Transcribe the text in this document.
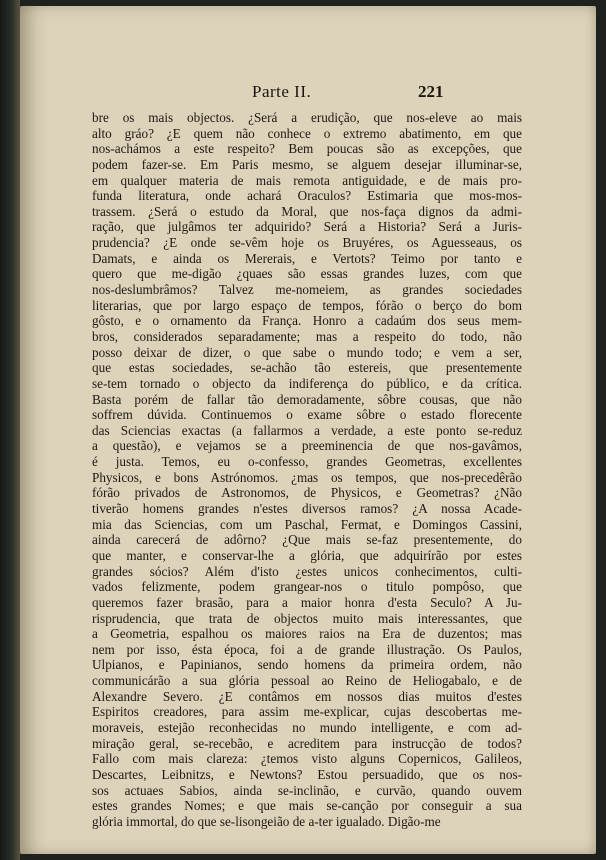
Parte II.	221
bre os mais objectos. ¿Será a erudição, que nos-eleve ao mais
alto gráo? ¿E quem não conhece o extremo abatimento, em que
nos-achámos a este respeito? Bem poucas são as excepções, que
podem fazer-se. Em Paris mesmo, se alguem desejar illuminar-se,
em qualquer materia de mais remota antiguidade, e de mais pro-
funda literatura, onde achará Oraculos? Estimaria que mos-mos-
trassem. ¿Será o estudo da Moral, que nos-faça dignos da admi-
ração, que julgâmos ter adquirido? Será a Historia? Será a Juris-
prudencia? ¿E onde se-vêm hoje os Bruyéres, os Aguesseaus, os
Damats, e ainda os Mererais, e Vertots? Teimo por tanto e
quero que me-digão ¿quaes são essas grandes luzes, com que
nos-deslumbrâmos? Talvez me-nomeiem, as grandes sociedades
literarias, que por largo espaço de tempos, fórão o berço do bom
gôsto, e o ornamento da França. Honro a cadaúm dos seus mem-
bros, considerados separadamente; mas a respeito do todo, não
posso deixar de dizer, o que sabe o mundo todo; e vem a ser,
que estas sociedades, se-achão tão estereis, que presentemente
se-tem tornado o objecto da indiferença do público, e da crítica.
Basta porém de fallar tão demoradamente, sôbre cousas, que não
soffrem dúvida. Continuemos o exame sôbre o estado florecente
das Sciencias exactas (a fallarmos a verdade, a este ponto se-reduz
a questão), e vejamos se a preeminencia de que nos-gavâmos,
é justa. Temos, eu o-confesso, grandes Geometras, excellentes
Physicos, e bons Astrónomos. ¿mas os tempos, que nos-precedêrão
fórão privados de Astronomos, de Physicos, e Geometras? ¿Não
tiverão homens grandes n'estes diversos ramos? ¿A nossa Acade-
mia das Sciencias, com um Paschal, Fermat, e Domingos Cassini,
ainda carecerá de adôrno? ¿Que mais se-faz presentemente, do
que manter, e conservar-lhe a glória, que adquirírão por estes
grandes sócios? Além d'isto ¿estes unicos conhecimentos, culti-
vados felizmente, podem grangear-nos o titulo pompôso, que
queremos fazer brasão, para a maior honra d'esta Seculo? A Ju-
risprudencia, que trata de objectos muito mais interessantes, que
a Geometria, espalhou os maiores raios na Era de duzentos; mas
nem por isso, ésta época, foi a de grande illustração. Os Paulos,
Ulpianos, e Papinianos, sendo homens da primeira ordem, não
communicárão a sua glória pessoal ao Reino de Heliogabalo, e de
Alexandre Severo. ¿E contâmos em nossos dias muitos d'estes
Espiritos creadores, para assim me-explicar, cujas descobertas me-
moraveis, estejão reconhecidas no mundo intelligente, e com ad-
miração geral, se-recebão, e acreditem para instrucção de todos?
Fallo com mais clareza: ¿temos visto alguns Copernicos, Galileos,
Descartes, Leibnitzs, e Newtons? Estou persuadido, que os nos-
sos actuaes Sabios, ainda se-inclinão, e curvão, quando ouvem
estes grandes Nomes; e que mais se-canção por conseguir a sua
glória immortal, do que se-lisongeião de a-ter igualado. Digão-me
